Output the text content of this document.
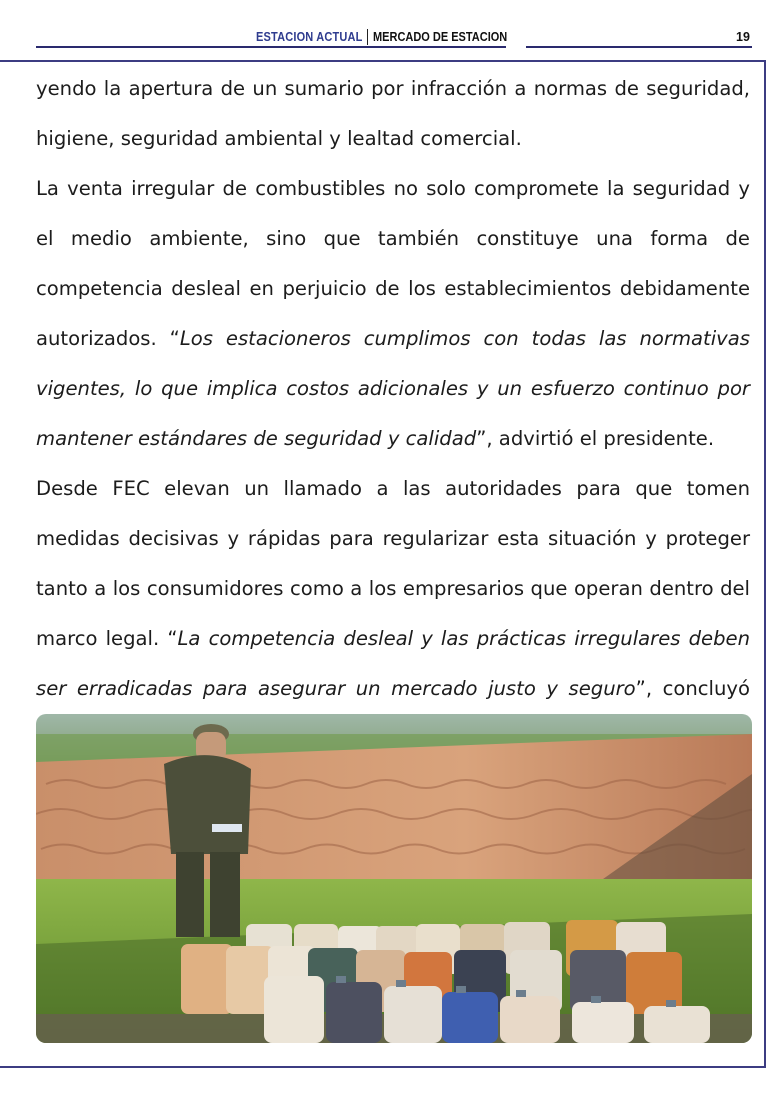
ESTACION ACTUAL MERCADO DE ESTACION	19

yendo la apertura de un sumario por infracción a normas de seguridad, higiene, seguridad ambiental y lealtad comercial.

La venta irregular de combustibles no solo compromete la seguridad y el medio ambiente, sino que también constituye una forma de competencia desleal en perjuicio de los establecimientos debidamente autorizados. “Los estacioneros cumplimos con todas las normativas vigentes, lo que implica costos adicionales y un esfuerzo continuo por mantener estándares de seguridad y calidad”, advirtió el presidente.

Desde FEC elevan un llamado a las autoridades para que tomen medidas decisivas y rápidas para regularizar esta situación y proteger tanto a los consumidores como a los empresarios que operan dentro del marco legal. “La competencia desleal y las prácticas irregulares deben ser erradicadas para asegurar un mercado justo y seguro”, concluyó
